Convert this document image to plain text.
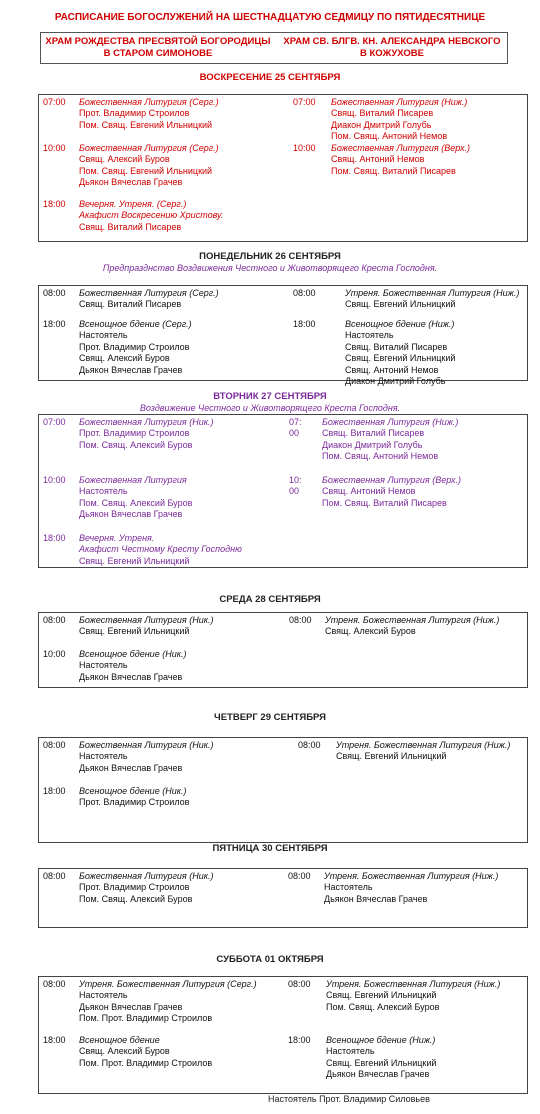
РАСПИСАНИЕ БОГОСЛУЖЕНИЙ НА ШЕСТНАДЦАТУЮ СЕДМИЦУ ПО ПЯТИДЕСЯТНИЦЕ
ХРАМ РОЖДЕСТВА ПРЕСВЯТОЙ БОГОРОДИЦЫ
В СТАРОМ СИМОНОВЕ
ХРАМ СВ. БЛГВ. КН. АЛЕКСАНДРА НЕВСКОГО
В КОЖУХОВЕ
ВОСКРЕСЕНИЕ 25 СЕНТЯБРЯ
07:00 Божественная Литургия (Серг.)
Прот. Владимир Строилов
Пом. Свящ. Евгений Ильницкий
10:00 Божественная Литургия (Серг.)
Свящ. Алексий Буров
Пом. Свящ. Евгений Ильницкий
Дьякон Вячеслав Грачев
18:00 Вечерня. Утреня. (Серг.)
Акафист Воскресению Христову.
Свящ. Виталий Писарев
07:00 Божественная Литургия (Ниж.)
Свящ. Виталий Писарев
Диакон Дмитрий Голубь
Пом. Свящ. Антоний Немов
10:00 Божественная Литургия (Верх.)
Свящ. Антоний Немов
Пом. Свящ. Виталий Писарев
ПОНЕДЕЛЬНИК 26 СЕНТЯБРЯ
Предпразднство Воздвижения Честного и Животворящего Креста Господня.
08:00 Божественная Литургия (Серг.)
Свящ. Виталий Писарев
18:00 Всенощное бдение (Серг.)
Настоятель
Прот. Владимир Строилов
Свящ. Алексий Буров
Дьякон Вячеслав Грачев
08:00	Утреня. Божественная Литургия (Ниж.)
Свящ. Евгений Ильницкий
18:00	Всенощное бдение (Ниж.)
Настоятель
Свящ. Виталий Писарев
Свящ. Евгений Ильницкий
Свящ. Антоний Немов
Диакон Дмитрий Голубь
ВТОРНИК 27 СЕНТЯБРЯ
Воздвижение Честного и Животворящего Креста Господня.
07:00 Божественная Литургия (Ник.)
Прот. Владимир Строилов
Пом. Свящ. Алексий Буров
10:00 Божественная Литургия
Настоятель
Пом. Свящ. Алексий Буров
Дьякон Вячеслав Грачев
18:00 Вечерня. Утреня.
Акафист Честному Кресту Господню
Свящ. Евгений Ильницкий
07:
00
Божественная Литургия (Ниж.)
Свящ. Виталий Писарев
Диакон Дмитрий Голубь
Пом. Свящ. Антоний Немов
10:
00
Божественная Литургия (Верх.)
Свящ. Антоний Немов
Пом. Свящ. Виталий Писарев
СРЕДА 28 СЕНТЯБРЯ
08:00 Божественная Литургия (Ник.)
Свящ. Евгений Ильницкий
10:00 Всенощное бдение (Ник.)
Настоятель
Дьякон Вячеслав Грачев
08:00 Утреня. Божественная Литургия (Ниж.)
Свящ. Алексий Буров
ЧЕТВЕРГ 29 СЕНТЯБРЯ
08:00 Божественная Литургия (Ник.)
Настоятель
Дьякон Вячеслав Грачев
18:00 Всенощное бдение (Ник.)
Прот. Владимир Строилов
08:00 Утреня. Божественная Литургия (Ниж.)
Свящ. Евгений Ильницкий
ПЯТНИЦА 30 СЕНТЯБРЯ
08:00 Божественная Литургия (Ник.)
Прот. Владимир Строилов
Пом. Свящ. Алексий Буров
08:00 Утреня. Божественная Литургия (Ниж.)
Настоятель
Дьякон Вячеслав Грачев
СУББОТА 01 ОКТЯБРЯ
08:00 Утреня. Божественная Литургия (Серг.)
Настоятель
Дьякон Вячеслав Грачев
Пом. Прот. Владимир Строилов
18:00 Всенощное бдение
Свящ. Алексий Буров
Пом. Прот. Владимир Строилов
08:00 Утреня. Божественная Литургия (Ниж.)
Свящ. Евгений Ильницкий
Пом. Свящ. Алексий Буров
18:00 Всенощное бдение (Ниж.)
Настоятель
Свящ. Евгений Ильницкий
Дьякон Вячеслав Грачев
Настоятель Прот. Владимир Силовьев
